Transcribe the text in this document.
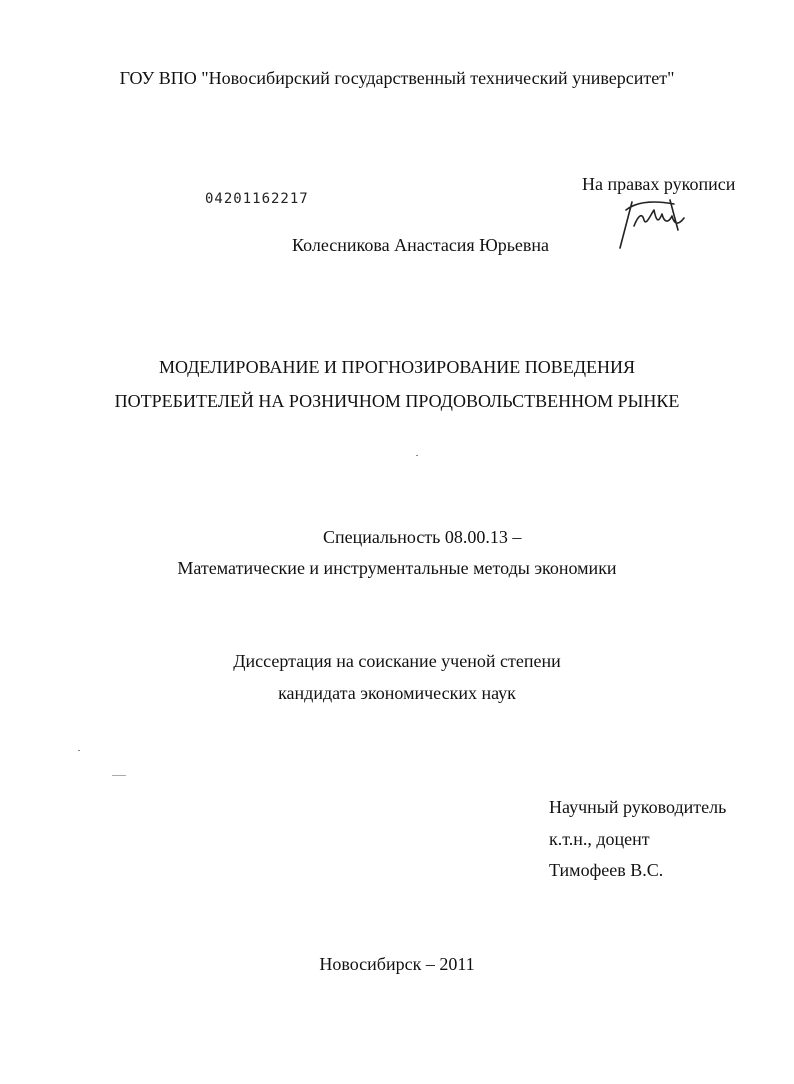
ГОУ ВПО "Новосибирский государственный технический университет"
На правах рукописи
04201162217
Колесникова Анастасия Юрьевна
МОДЕЛИРОВАНИЕ И ПРОГНОЗИРОВАНИЕ ПОВЕДЕНИЯ
ПОТРЕБИТЕЛЕЙ НА РОЗНИЧНОМ ПРОДОВОЛЬСТВЕННОМ РЫНКЕ
Специальность 08.00.13 –
Математические и инструментальные методы экономики
Диссертация на соискание ученой степени
кандидата экономических наук
Научный руководитель
к.т.н., доцент
Тимофеев В.С.
Новосибирск – 2011
